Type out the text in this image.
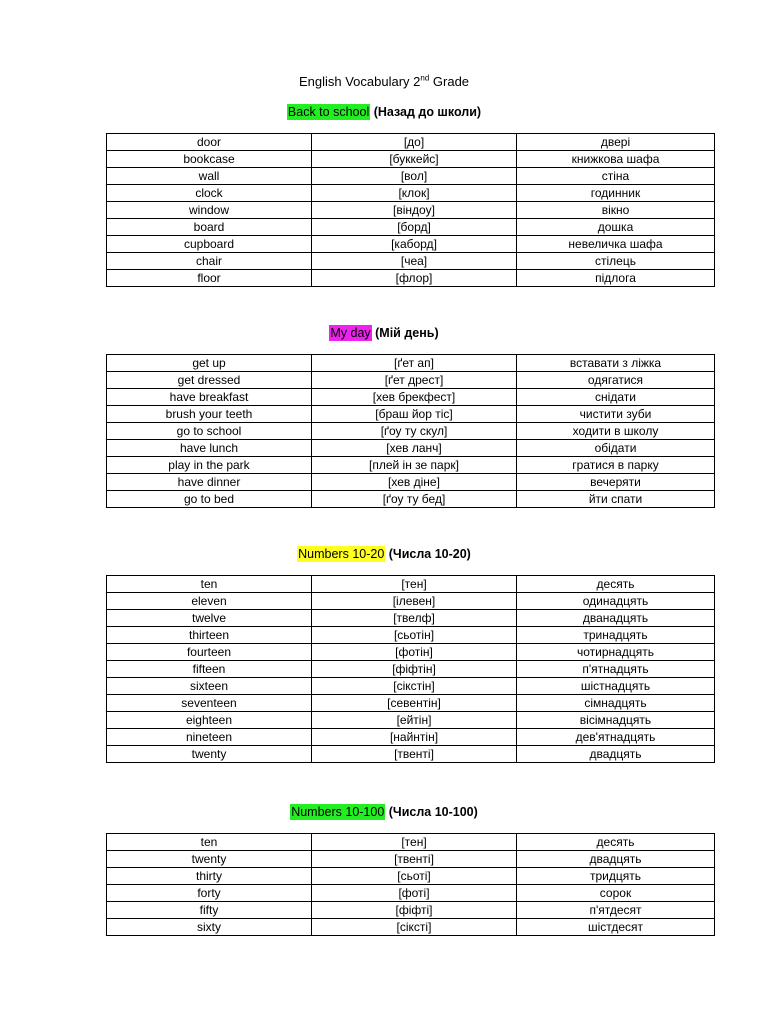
English Vocabulary 2nd Grade
Back to school (Назад до школи)
door	[до]	двері
bookcase	[буккейс]	книжкова шафа
wall	[вол]	стіна
clock	[клок]	годинник
window	[віндоу]	вікно
board	[борд]	дошка
cupboard	[каборд]	невеличка шафа
chair	[чеа]	стілець
floor	[флор]	підлога
My day (Мій день)
get up	[ґет ап]	вставати з ліжка
get dressed	[ґет дрест]	одягатися
have breakfast	[хев брекфест]	снідати
brush your teeth	[браш йор тіс]	чистити зуби
go to school	[ґоу ту скул]	ходити в школу
have lunch	[хев ланч]	обідати
play in the park	[плей ін зе парк]	гратися в парку
have dinner	[хев діне]	вечеряти
go to bed	[ґоу ту бед]	йти спати
Numbers 10-20 (Числа 10-20)
ten	[тен]	десять
eleven	[ілевен]	одинадцять
twelve	[твелф]	дванадцять
thirteen	[сьотін]	тринадцять
fourteen	[фотін]	чотирнадцять
fifteen	[фіфтін]	п'ятнадцять
sixteen	[сікстін]	шістнадцять
seventeen	[севентін]	сімнадцять
eighteen	[ейтін]	вісімнадцять
nineteen	[найнтін]	дев'ятнадцять
twenty	[твенті]	двадцять
Numbers 10-100 (Числа 10-100)
ten	[тен]	десять
twenty	[твенті]	двадцять
thirty	[сьоті]	тридцять
forty	[фоті]	сорок
fifty	[фіфті]	п'ятдесят
sixty	[сіксті]	шістдесят
